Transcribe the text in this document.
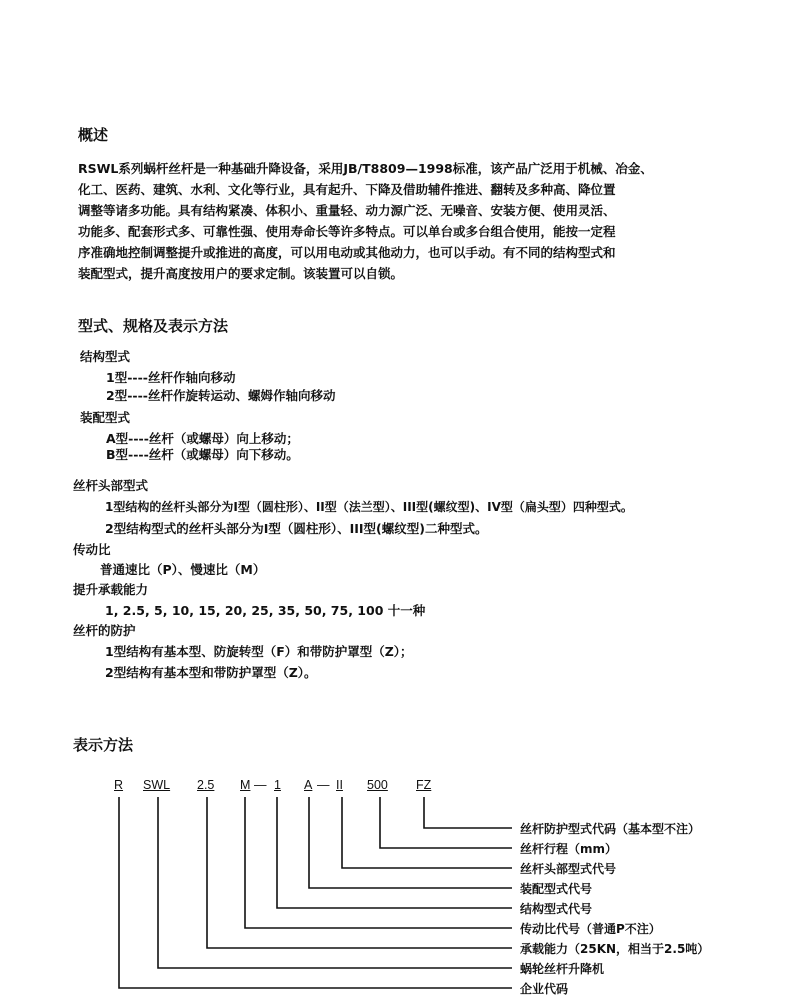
概述
RSWL系列蜗杆丝杆是一种基础升降设备，采用JB/T8809—1998标准，该产品广泛用于机械、冶金、
化工、医药、建筑、水利、文化等行业，具有起升、下降及借助辅件推进、翻转及多种高、降位置
调整等诸多功能。具有结构紧凑、体积小、重量轻、动力源广泛、无噪音、安装方便、使用灵活、
功能多、配套形式多、可靠性强、使用寿命长等许多特点。可以单台或多台组合使用，能按一定程
序准确地控制调整提升或推进的高度，可以用电动或其他动力，也可以手动。有不同的结构型式和
装配型式，提升高度按用户的要求定制。该装置可以自锁。
型式、规格及表示方法
结构型式
1型----丝杆作轴向移动
2型----丝杆作旋转运动、螺姆作轴向移动
装配型式
A型----丝杆（或螺母）向上移动；
B型----丝杆（或螺母）向下移动。
丝杆头部型式
1型结构的丝杆头部分为I型（圆柱形）、II型（法兰型）、III型(螺纹型)、IV型（扁头型）四种型式。
2型结构型式的丝杆头部分为I型（圆柱形）、III型(螺纹型)二种型式。
传动比
普通速比（P）、慢速比（M）
提升承载能力
1, 2.5, 5, 10, 15, 20, 25, 35, 50, 75, 100 十一种
丝杆的防护
1型结构有基本型、防旋转型（F）和带防护罩型（Z）；
2型结构有基本型和带防护罩型（Z）。
表示方法
R SWL 2.5 M — 1 A — II 500 FZ
丝杆防护型式代码（基本型不注）
丝杆行程（mm）
丝杆头部型式代号
装配型式代号
结构型式代号
传动比代号（普通P不注）
承载能力（25KN，相当于2.5吨）
蜗轮丝杆升降机
企业代码
